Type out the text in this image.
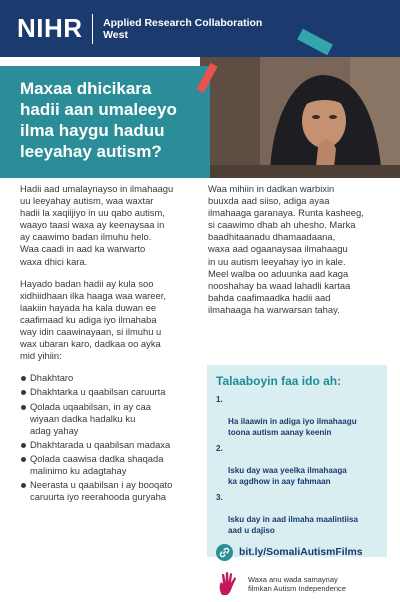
NIHR Applied Research Collaboration
West
Maxaa dhicikara
hadii aan umaleeyo
ilma haygu haduu
leeyahay autism?

Hadii aad umalaynayso in ilmahaagu
uu leeyahay autism, waa waxtar
hadii la xaqiijiyo in uu qabo autism,
waayo taasi waxa ay keenaysaa in
ay caawimo badan ilmuhu helo.
Waa caadi in aad ka warwarto
waxa dhici kara.

Hayado badan hadii ay kula soo
xidhiidhaan ilka haaga waa wareer,
laakiin hayada ha kala duwan ee
caafimaad ku adiga iyo ilmahaba
way idin caawinayaan, si ilmuhu u
wax ubaran karo, dadkaa oo ayka
mid yihiin:

Dhakhtaro
Dhakhtarka u qaabilsan caruurta
Qolada uqaabilsan, in ay caa
wiyaan dadka hadalku ku
adag yahay
Dhakhtarada u qaabilsan madaxa
Qolada caawisa dadka shaqada
malinimo ku adagtahay
Neerasta u qaabilsan i ay booqato
caruurta iyo reerahooda guryaha

Waa mihiin in dadkan warbixin
buuxda aad siiso, adiga ayaa
ilmahaaga garanaya. Runta kasheeg,
si caawimo dhab ah uhesho. Marka
baadhitaanadu dhamaadaana,
waxa aad ogaanaysaa ilmahaagu
in uu autism leeyahay iyo in kale.
Meel walba oo aduunka aad kaga
nooshahay ba waad lahadli kartaa
bahda caafimaadka hadii aad
ilmahaaga ha warwarsan tahay.

Talaaboyin faa ido ah:

1.

Ha ilaawin in adiga iyo ilmahaagu
toona autism aanay keenin

2.

Isku day waa yeelka ilmahaaga
ka agdhow in aay fahmaan

3.

Isku day in aad ilmaha maalintiisa
aad u dajiso

bit.ly/SomaliAutismFilms
Waxa anu wada samaynay
filmkan Autism Independence
